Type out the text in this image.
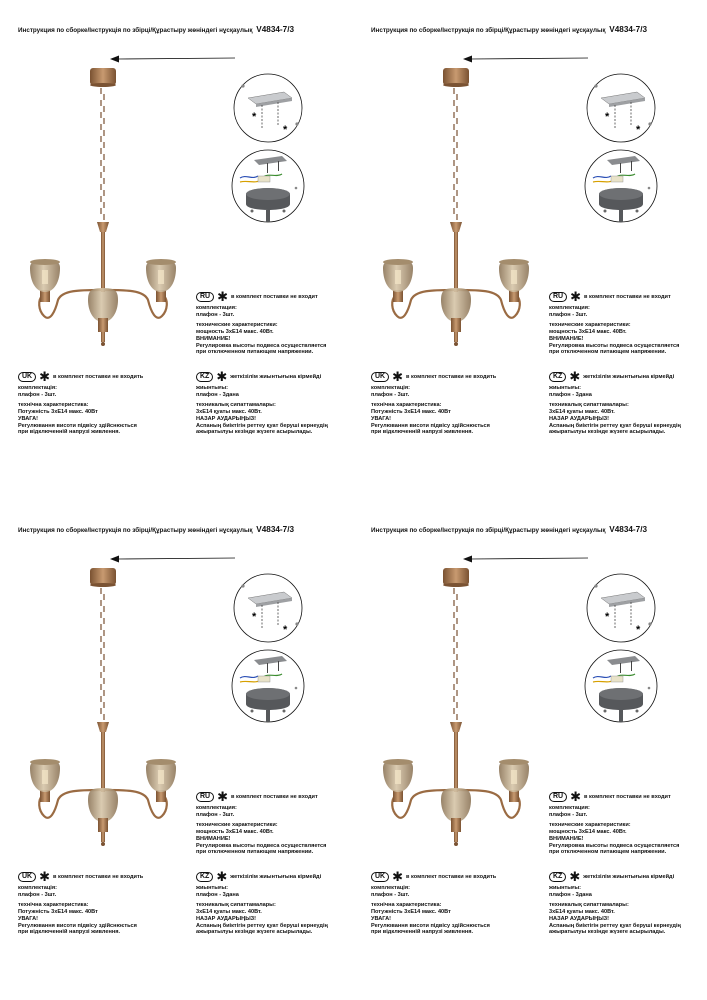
Инструкция по сборке/Інструкція по збірці/Құрастыру жөніндегі нұсқаулық V4834-7/3
*
*
RU ✱ в комплект поставки не входит
комплектация:
плафон - 3шт.
технические характеристики:
мощность 3xE14 макс. 40Вт.
ВНИМАНИЕ!
Регулировка высоты подвеса осуществляется
при отключенном питающем напряжении.
UK ✱ в комплект поставки не входить
комплектація:
плафон - 3шт.
технічна характеристика:
Потужність 3хЕ14 макс. 40Вт
УВАГА!
Регулювання висоти підвісу здійснюється
при відключенній напрузі живлення.
KZ ✱ жеткізілім жиынтығына кірмейді
жиынтығы:
плафон - 3дана
техникалық сипаттамалары:
3хЕ14 қуаты макс. 40Вт.
НАЗАР АУДАРЫҢЫЗ!
Аспаның биіктігін реттеу қуат беруші кернеудің
ажыратылуы кезінде жүзеге асырылады.
Инструкция по сборке/Інструкція по збірці/Құрастыру жөніндегі нұсқаулық V4834-7/3
*
*
RU ✱ в комплект поставки не входит
комплектация:
плафон - 3шт.
технические характеристики:
мощность 3xE14 макс. 40Вт.
ВНИМАНИЕ!
Регулировка высоты подвеса осуществляется
при отключенном питающем напряжении.
UK ✱ в комплект поставки не входить
комплектація:
плафон - 3шт.
технічна характеристика:
Потужність 3хЕ14 макс. 40Вт
УВАГА!
Регулювання висоти підвісу здійснюється
при відключенній напрузі живлення.
KZ ✱ жеткізілім жиынтығына кірмейді
жиынтығы:
плафон - 3дана
техникалық сипаттамалары:
3хЕ14 қуаты макс. 40Вт.
НАЗАР АУДАРЫҢЫЗ!
Аспаның биіктігін реттеу қуат беруші кернеудің
ажыратылуы кезінде жүзеге асырылады.
Инструкция по сборке/Інструкція по збірці/Құрастыру жөніндегі нұсқаулық V4834-7/3
*
*
RU ✱ в комплект поставки не входит
комплектация:
плафон - 3шт.
технические характеристики:
мощность 3xE14 макс. 40Вт.
ВНИМАНИЕ!
Регулировка высоты подвеса осуществляется
при отключенном питающем напряжении.
UK ✱ в комплект поставки не входить
комплектація:
плафон - 3шт.
технічна характеристика:
Потужність 3хЕ14 макс. 40Вт
УВАГА!
Регулювання висоти підвісу здійснюється
при відключенній напрузі живлення.
KZ ✱ жеткізілім жиынтығына кірмейді
жиынтығы:
плафон - 3дана
техникалық сипаттамалары:
3хЕ14 қуаты макс. 40Вт.
НАЗАР АУДАРЫҢЫЗ!
Аспаның биіктігін реттеу қуат беруші кернеудің
ажыратылуы кезінде жүзеге асырылады.
Инструкция по сборке/Інструкція по збірці/Құрастыру жөніндегі нұсқаулық V4834-7/3
*
*
RU ✱ в комплект поставки не входит
комплектация:
плафон - 3шт.
технические характеристики:
мощность 3xE14 макс. 40Вт.
ВНИМАНИЕ!
Регулировка высоты подвеса осуществляется
при отключенном питающем напряжении.
UK ✱ в комплект поставки не входить
комплектація:
плафон - 3шт.
технічна характеристика:
Потужність 3хЕ14 макс. 40Вт
УВАГА!
Регулювання висоти підвісу здійснюється
при відключенній напрузі живлення.
KZ ✱ жеткізілім жиынтығына кірмейді
жиынтығы:
плафон - 3дана
техникалық сипаттамалары:
3хЕ14 қуаты макс. 40Вт.
НАЗАР АУДАРЫҢЫЗ!
Аспаның биіктігін реттеу қуат беруші кернеудің
ажыратылуы кезінде жүзеге асырылады.
